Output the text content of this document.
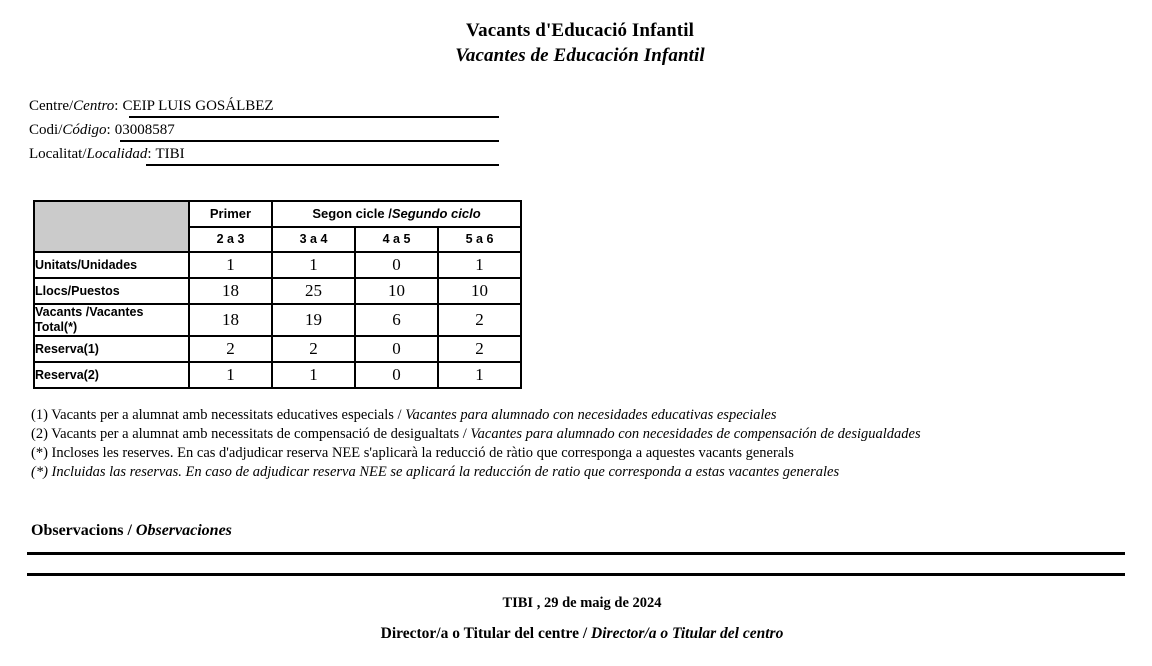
Vacants d'Educació Infantil
Vacantes de Educación Infantil
Centre/Centro: CEIP LUIS GOSÁLBEZ
Codi/Código: 03008587
Localitat/Localidad: TIBI
	Primer	Segon cicle /Segundo ciclo		
	2 a 3	3 a 4	4 a 5	5 a 6
Unitats/Unidades	1	1	0	1
Llocs/Puestos	18	25	10	10
Vacants /Vacantes
Total(*)	18	19	6	2
Reserva(1)	2	2	0	2
Reserva(2)	1	1	0	1
(1) Vacants per a alumnat amb necessitats educatives especials / Vacantes para alumnado con necesidades educativas especiales
(2) Vacants per a alumnat amb necessitats de compensació de desigualtats / Vacantes para alumnado con necesidades de compensación de desigualdades
(*) Incloses les reserves. En cas d'adjudicar reserva NEE s'aplicarà la reducció de ràtio que corresponga a aquestes vacants generals
(*) Incluidas las reservas. En caso de adjudicar reserva NEE se aplicará la reducción de ratio que corresponda a estas vacantes generales
Observacions / Observaciones
TIBI , 29 de maig de 2024
Director/a o Titular del centre / Director/a o Titular del centro
